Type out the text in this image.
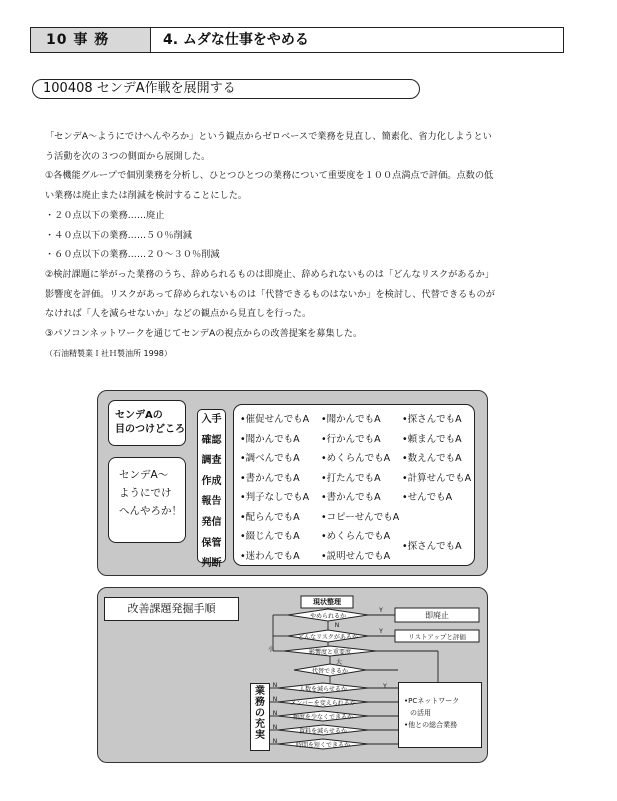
10 事 務	4. ムダな仕事をやめる
100408 センデA作戦を展開する
「センデA～ようにでけへんやろか」という観点からゼロベースで業務を見直し、簡素化、省力化しようとい
う活動を次の３つの側面から展開した。
①各機能グループで個別業務を分析し、ひとつひとつの業務について重要度を１００点満点で評価。点数の低
い業務は廃止または削減を検討することにした。
・２０点以下の業務……廃止
・４０点以下の業務……５０％削減
・６０点以下の業務……２０～３０％削減
②検討課題に挙がった業務のうち、辞められるものは即廃止、辞められないものは「どんなリスクがあるか」
影響度を評価。リスクがあって辞められないものは「代替できるものはないか」を検討し、代替できるものが
なければ「人を減らせないか」などの観点から見直しを行った。
③パソコンネットワークを通じてセンデAの視点からの改善提案を募集した。
（石油精製業Ｉ社Ｈ製油所 1998）
センデAの
目のつけどころ
センデA～
ようにでけ
へんやろか！
入手
確認
調査
作成
報告
発信
保管
判断
•催促せんでもA
•聞かんでもA
•調べんでもA
•書かんでもA
•判子なしでもA
•配らんでもA
•綴じんでもA
•迷わんでもA
•聞かんでもA
•行かんでもA
•めくらんでもA
•打たんでもA
•書かんでもA
•コピーせんでもA
•めくらんでもA
•説明せんでもA
•探さんでもA
•頼まんでもA
•数えんでもA
•計算せんでもA
•せんでもA
•探さんでもA
改善課題発掘手順	現状整理
やめられるか	即廃止
どんなリスクがあるか	リストアップと評価
影響度と重要度
代替できるか
人数を減らせるか
メンバーを変えられるか
頻度を少なくできるか
資料を減らせるか
時間を短くできるか
Y
N
Y
小
大
Y
N
N
N
N
N
業
務
の
充
実
•PCネットワーク
の活用
•他との総合業務
